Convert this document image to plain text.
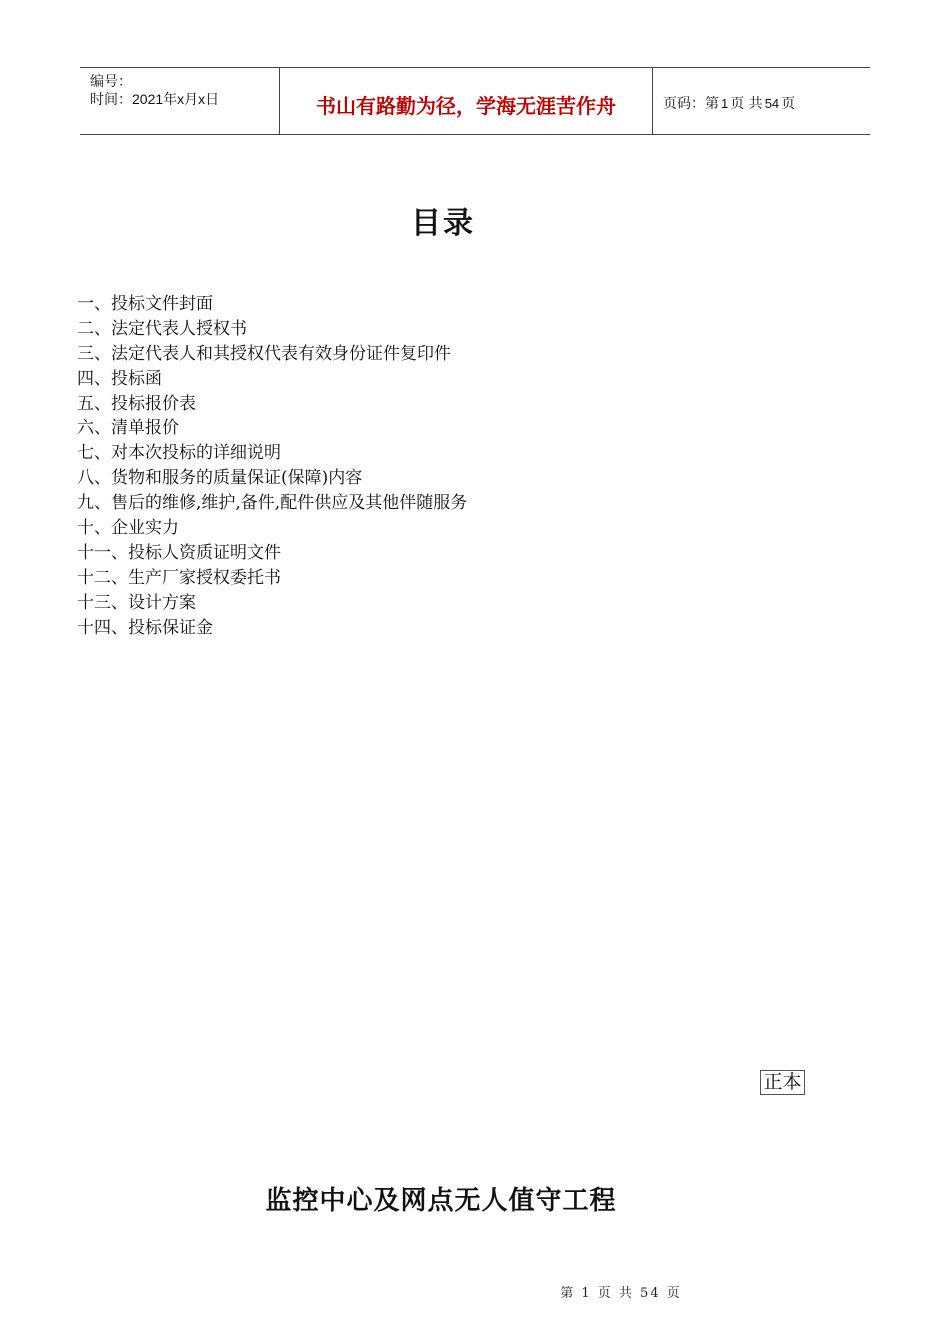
编号：
时间：2021年x月x日	书山有路勤为径，学海无涯苦作舟	页码：第 1 页 共 54 页
目录
一、投标文件封面
二、法定代表人授权书
三、法定代表人和其授权代表有效身份证件复印件
四、投标函
五、投标报价表
六、清单报价
七、对本次投标的详细说明
八、货物和服务的质量保证(保障)内容
九、售后的维修,维护,备件,配件供应及其他伴随服务
十、企业实力
十一、投标人资质证明文件
十二、生产厂家授权委托书
十三、设计方案
十四、投标保证金
正本
监控中心及网点无人值守工程
第 1 页 共 54 页
